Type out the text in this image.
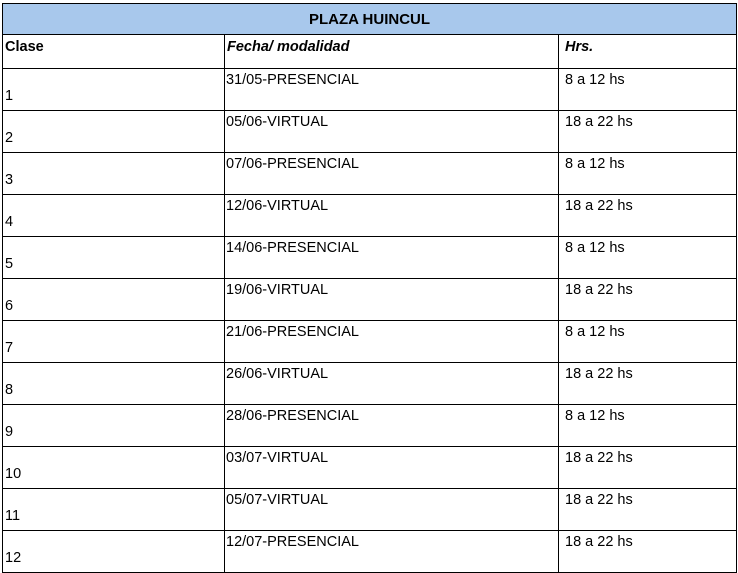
PLAZA HUINCUL		
Clase	Fecha/ modalidad	Hrs.

1	31/05-PRESENCIAL	8 a 12 hs

2	05/06-VIRTUAL	18 a 22 hs

3	07/06-PRESENCIAL	8 a 12 hs

4	12/06-VIRTUAL	18 a 22 hs

5	14/06-PRESENCIAL	8 a 12 hs

6	19/06-VIRTUAL	18 a 22 hs

7	21/06-PRESENCIAL	8 a 12 hs

8	26/06-VIRTUAL	18 a 22 hs

9	28/06-PRESENCIAL	8 a 12 hs

10	03/07-VIRTUAL	18 a 22 hs

11	05/07-VIRTUAL	18 a 22 hs

12	12/07-PRESENCIAL	18 a 22 hs
